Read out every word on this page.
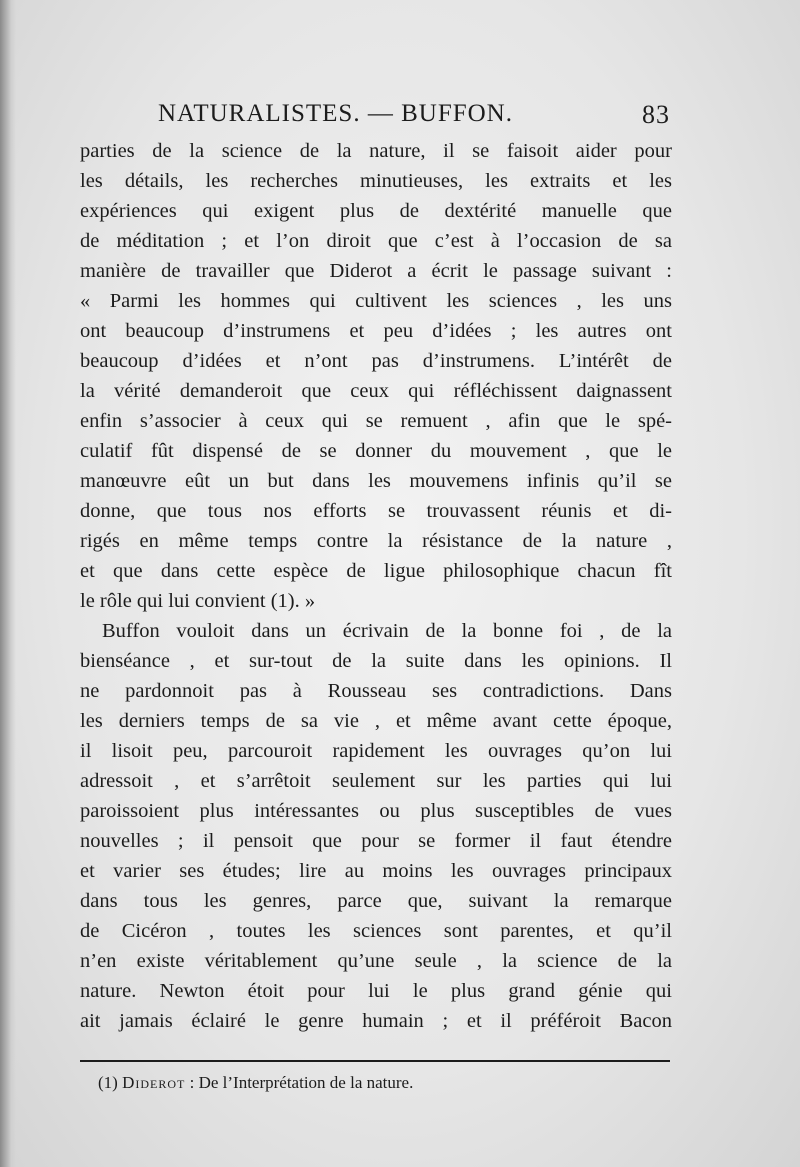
NATURALISTES. — BUFFON.	83
parties de la science de la nature, il se faisoit aider pour
les détails, les recherches minutieuses, les extraits et les
expériences qui exigent plus de dextérité manuelle que
de méditation ; et l’on diroit que c’est à l’occasion de sa
manière de travailler que Diderot a écrit le passage suivant :
« Parmi les hommes qui cultivent les sciences , les uns
ont beaucoup d’instrumens et peu d’idées ; les autres ont
beaucoup d’idées et n’ont pas d’instrumens. L’intérêt de
la vérité demanderoit que ceux qui réfléchissent daignassent
enfin s’associer à ceux qui se remuent , afin que le spé-
culatif fût dispensé de se donner du mouvement , que le
manœuvre eût un but dans les mouvemens infinis qu’il se
donne, que tous nos efforts se trouvassent réunis et di-
rigés en même temps contre la résistance de la nature ,
et que dans cette espèce de ligue philosophique chacun fît
le rôle qui lui convient (1). »
Buffon vouloit dans un écrivain de la bonne foi , de la
bienséance , et sur-tout de la suite dans les opinions. Il
ne pardonnoit pas à Rousseau ses contradictions. Dans
les derniers temps de sa vie , et même avant cette époque,
il lisoit peu, parcouroit rapidement les ouvrages qu’on lui
adressoit , et s’arrêtoit seulement sur les parties qui lui
paroissoient plus intéressantes ou plus susceptibles de vues
nouvelles ; il pensoit que pour se former il faut étendre
et varier ses études; lire au moins les ouvrages principaux
dans tous les genres, parce que, suivant la remarque
de Cicéron , toutes les sciences sont parentes, et qu’il
n’en existe véritablement qu’une seule , la science de la
nature. Newton étoit pour lui le plus grand génie qui
ait jamais éclairé le genre humain ; et il préféroit Bacon
(1) Diderot : De l’Interprétation de la nature.
